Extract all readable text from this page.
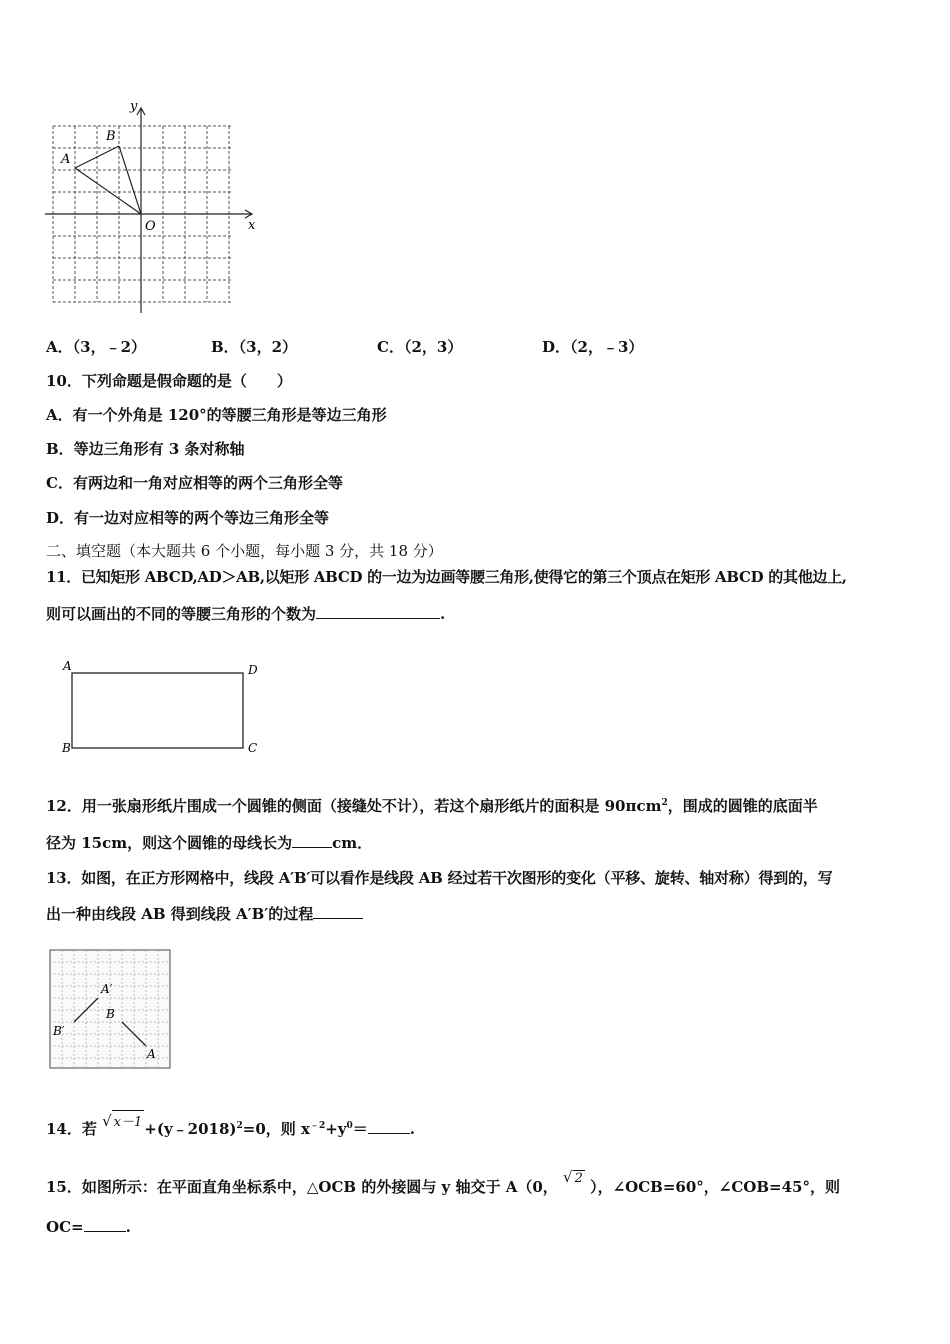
y
x
O
A
B
A．（3，﹣2）	B．（3，2）	C．（2，3）	D．（2，﹣3）
10．下列命题是假命题的是（　　）
A．有一个外角是 120°的等腰三角形是等边三角形
B．等边三角形有 3 条对称轴
C．有两边和一角对应相等的两个三角形全等
D．有一边对应相等的两个等边三角形全等
二、填空题（本大题共 6 个小题，每小题 3 分，共 18 分）
11．已知矩形 ABCD,AD＞AB,以矩形 ABCD 的一边为边画等腰三角形,使得它的第三个顶点在矩形 ABCD 的其他边上,
则可以画出的不同的等腰三角形的个数为	.
A	D
B	C
12．用一张扇形纸片围成一个圆锥的侧面（接缝处不计），若这个扇形纸片的面积是 90πcm$^2$，围成的圆锥的底面半
径为 15cm，则这个圆锥的母线长为	cm．
13．如图，在正方形网格中，线段 A′B′可以看作是线段 AB 经过若干次图形的变化（平移、旋转、轴对称）得到的，写
出一种由线段 AB 得到线段 A′B′的过程
A′
B′
B
A
14．若 √ x－1 +(y﹣2018)$^2$=0，则 $x^{﹣2}+y^0=$	.
15．如图所示：在平面直角坐标系中，△OCB 的外接圆与 y 轴交于 A（0， √ 2 ），∠OCB=60°，∠COB=45°，则
OC=	.
